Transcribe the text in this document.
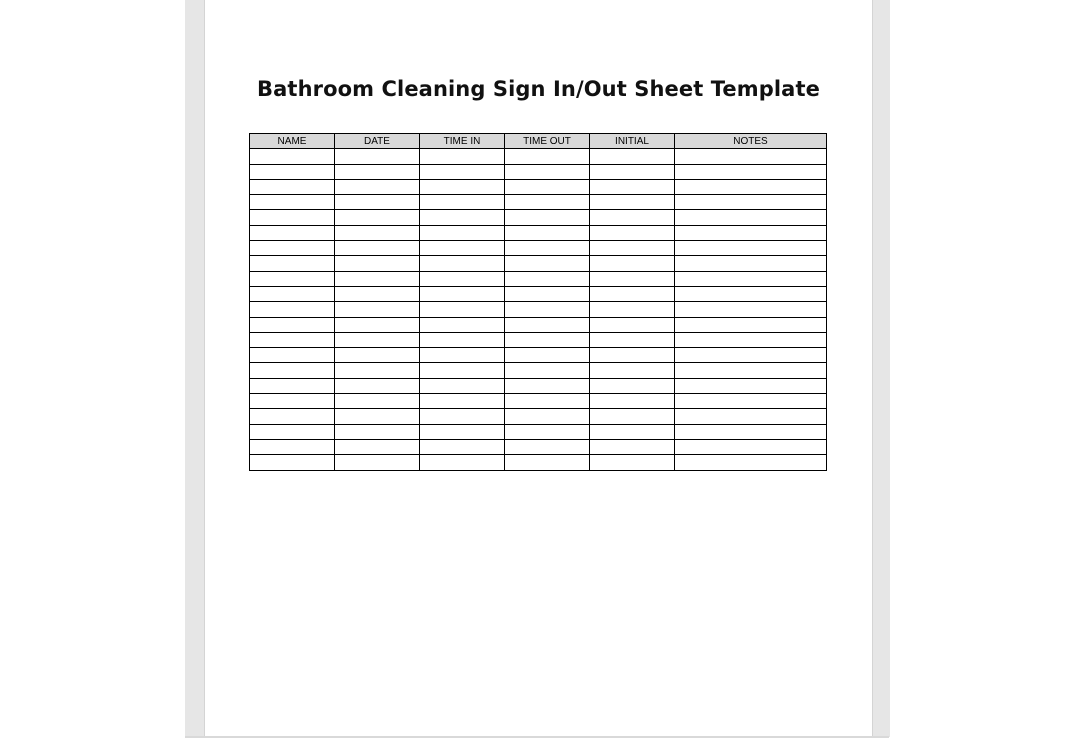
Bathroom Cleaning Sign In/Out Sheet Template
NAME	DATE	TIME IN	TIME OUT	INITIAL	NOTES
